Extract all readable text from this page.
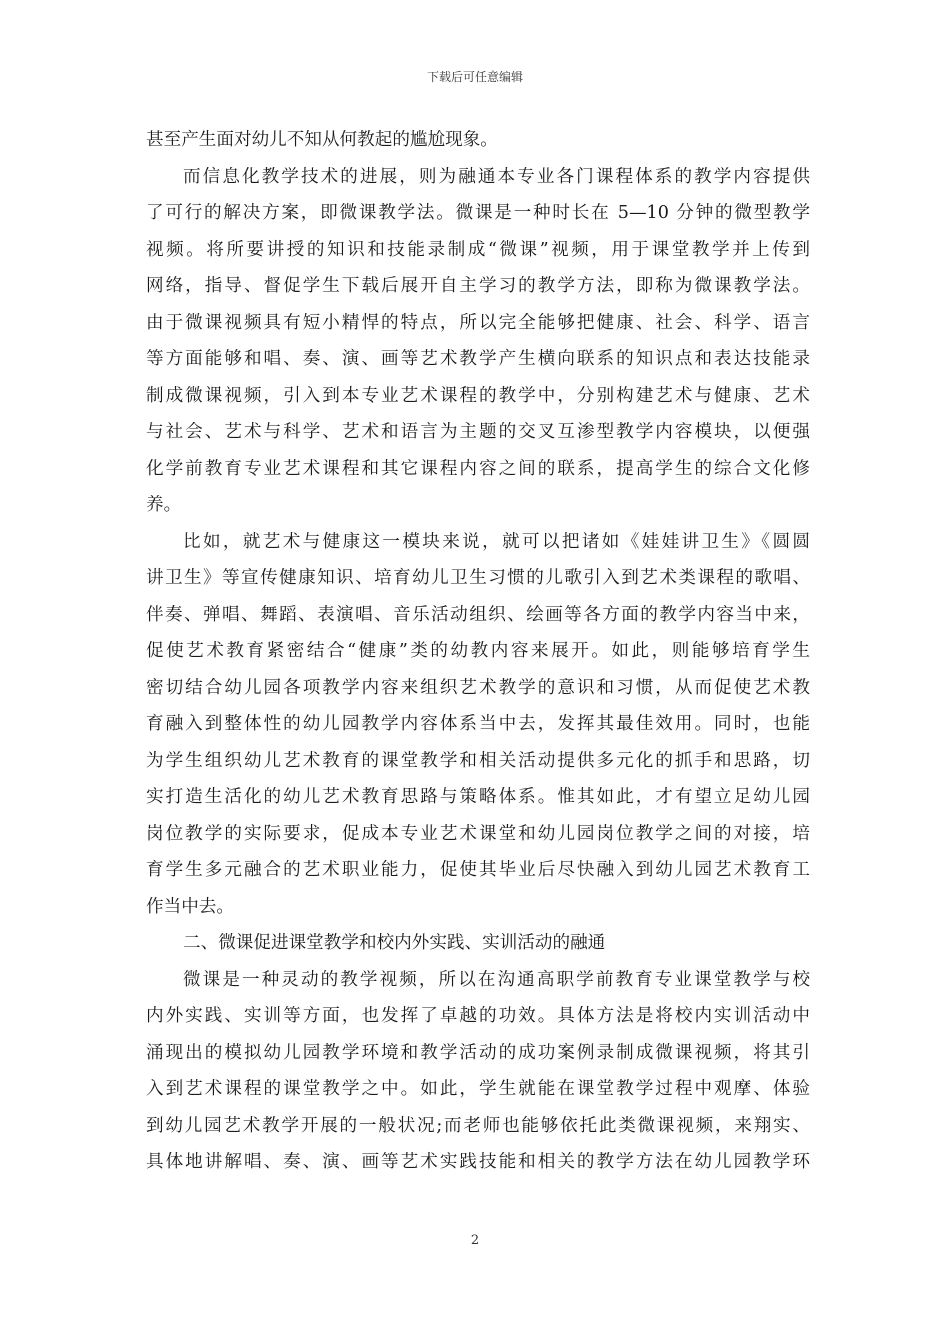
下载后可任意编辑
甚至产生面对幼儿不知从何教起的尴尬现象。
而信息化教学技术的进展，则为融通本专业各门课程体系的教学内容提供
了可行的解决方案，即微课教学法。微课是一种时长在 5—10 分钟的微型教学
视频。将所要讲授的知识和技能录制成“微课”视频，用于课堂教学并上传到
网络，指导、督促学生下载后展开自主学习的教学方法，即称为微课教学法。
由于微课视频具有短小精悍的特点，所以完全能够把健康、社会、科学、语言
等方面能够和唱、奏、演、画等艺术教学产生横向联系的知识点和表达技能录
制成微课视频，引入到本专业艺术课程的教学中，分别构建艺术与健康、艺术
与社会、艺术与科学、艺术和语言为主题的交叉互渗型教学内容模块，以便强
化学前教育专业艺术课程和其它课程内容之间的联系，提高学生的综合文化修
养。
比如，就艺术与健康这一模块来说，就可以把诸如《娃娃讲卫生》《圆圆
讲卫生》等宣传健康知识、培育幼儿卫生习惯的儿歌引入到艺术类课程的歌唱、
伴奏、弹唱、舞蹈、表演唱、音乐活动组织、绘画等各方面的教学内容当中来，
促使艺术教育紧密结合“健康”类的幼教内容来展开。如此，则能够培育学生
密切结合幼儿园各项教学内容来组织艺术教学的意识和习惯，从而促使艺术教
育融入到整体性的幼儿园教学内容体系当中去，发挥其最佳效用。同时，也能
为学生组织幼儿艺术教育的课堂教学和相关活动提供多元化的抓手和思路，切
实打造生活化的幼儿艺术教育思路与策略体系。惟其如此，才有望立足幼儿园
岗位教学的实际要求，促成本专业艺术课堂和幼儿园岗位教学之间的对接，培
育学生多元融合的艺术职业能力，促使其毕业后尽快融入到幼儿园艺术教育工
作当中去。
二、微课促进课堂教学和校内外实践、实训活动的融通
微课是一种灵动的教学视频，所以在沟通高职学前教育专业课堂教学与校
内外实践、实训等方面，也发挥了卓越的功效。具体方法是将校内实训活动中
涌现出的模拟幼儿园教学环境和教学活动的成功案例录制成微课视频，将其引
入到艺术课程的课堂教学之中。如此，学生就能在课堂教学过程中观摩、体验
到幼儿园艺术教学开展的一般状况;而老师也能够依托此类微课视频，来翔实、
具体地讲解唱、奏、演、画等艺术实践技能和相关的教学方法在幼儿园教学环
2
